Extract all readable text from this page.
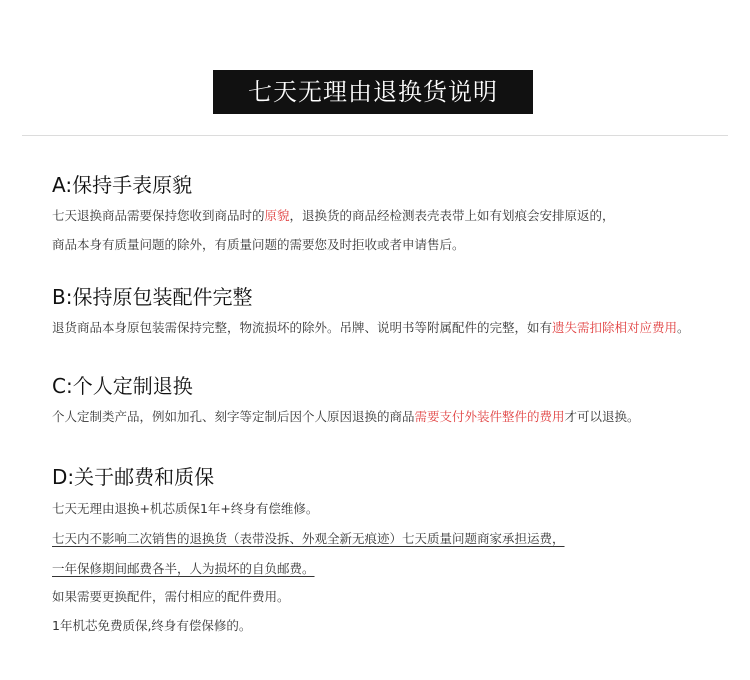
七天无理由退换货说明
A:保持手表原貌
七天退换商品需要保持您收到商品时的原貌，退换货的商品经检测表壳表带上如有划痕会安排原返的，
商品本身有质量问题的除外，有质量问题的需要您及时拒收或者申请售后。
B:保持原包装配件完整
退货商品本身原包装需保持完整，物流损坏的除外。吊牌、说明书等附属配件的完整，如有遗失需扣除相对应费用。
C:个人定制退换
个人定制类产品，例如加孔、刻字等定制后因个人原因退换的商品需要支付外装件整件的费用才可以退换。
D:关于邮费和质保
七天无理由退换+机芯质保1年+终身有偿维修。
七天内不影响二次销售的退换货（表带没拆、外观全新无痕迹）七天质量问题商家承担运费，
一年保修期间邮费各半，人为损坏的自负邮费。
如果需要更换配件，需付相应的配件费用。
1年机芯免费质保,终身有偿保修的。
